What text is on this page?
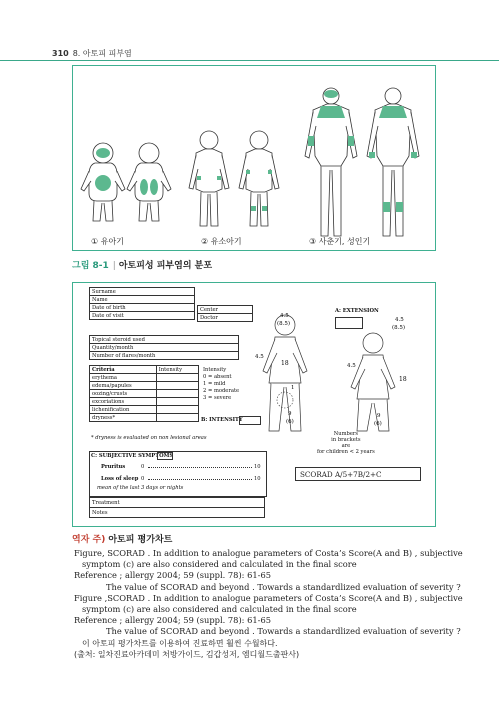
310 8. 아토피 피부염
① 유아기	② 유소아기	③ 사춘기, 성인기
그림 8-1 | 아토피성 피부염의 분포
Surname
Name
Date of birth
Date of visit
Center
Doctor
Topical steroid used
Quantity/month
Number of flares/month
Criteria	Intensity
erythema	
edema/papules	
oozing/crusts	
excoriations	
lichenification	
dryness*	
Intensity
0 = absent
1 = mild
2 = moderate
3 = severe
B: INTENSITY
* dryness is evaluated on non lesional areas
A: EXTENSION
4.5
(8.5)
4.5
18
1
9
(6)
4.5
(8.5)
4.5
18
9
(6)
Numbers
in brackets
are
for children < 2 years
C: SUBJECTIVE SYMPTOMS
Pruritus	0	10
Loss of sleep 0	10
mean of the last 3 days or nights
SCORAD A/5+7B/2+C
Treatment
Notes
역자 주) 아토피 평가차트

Figure, SCORAD . In addition to analogue parameters of Costa’s Score(A and B) , subjective

symptom (c) are also considered and calculated in the final score

Reference ; allergy 2004; 59 (suppl. 78): 61-65

The value of SCORAD and beyond . Towards a standardlized evaluation of severity ?

Figure ,SCORAD . In addition to analogue parameters of Costa’s Score(A and B) , subjective

symptom (c) are also considered and calculated in the final score

Reference ; allergy 2004; 59 (suppl. 78): 61-65

The value of SCORAD and beyond . Towards a standardlized evaluation of severity ?

이 아토피 평가차트를 이용하여 진료하면 훨씬 수월하다.

(출처: 일차진료아카데미 처방가이드, 김갑성저, 엠디월드출판사)
